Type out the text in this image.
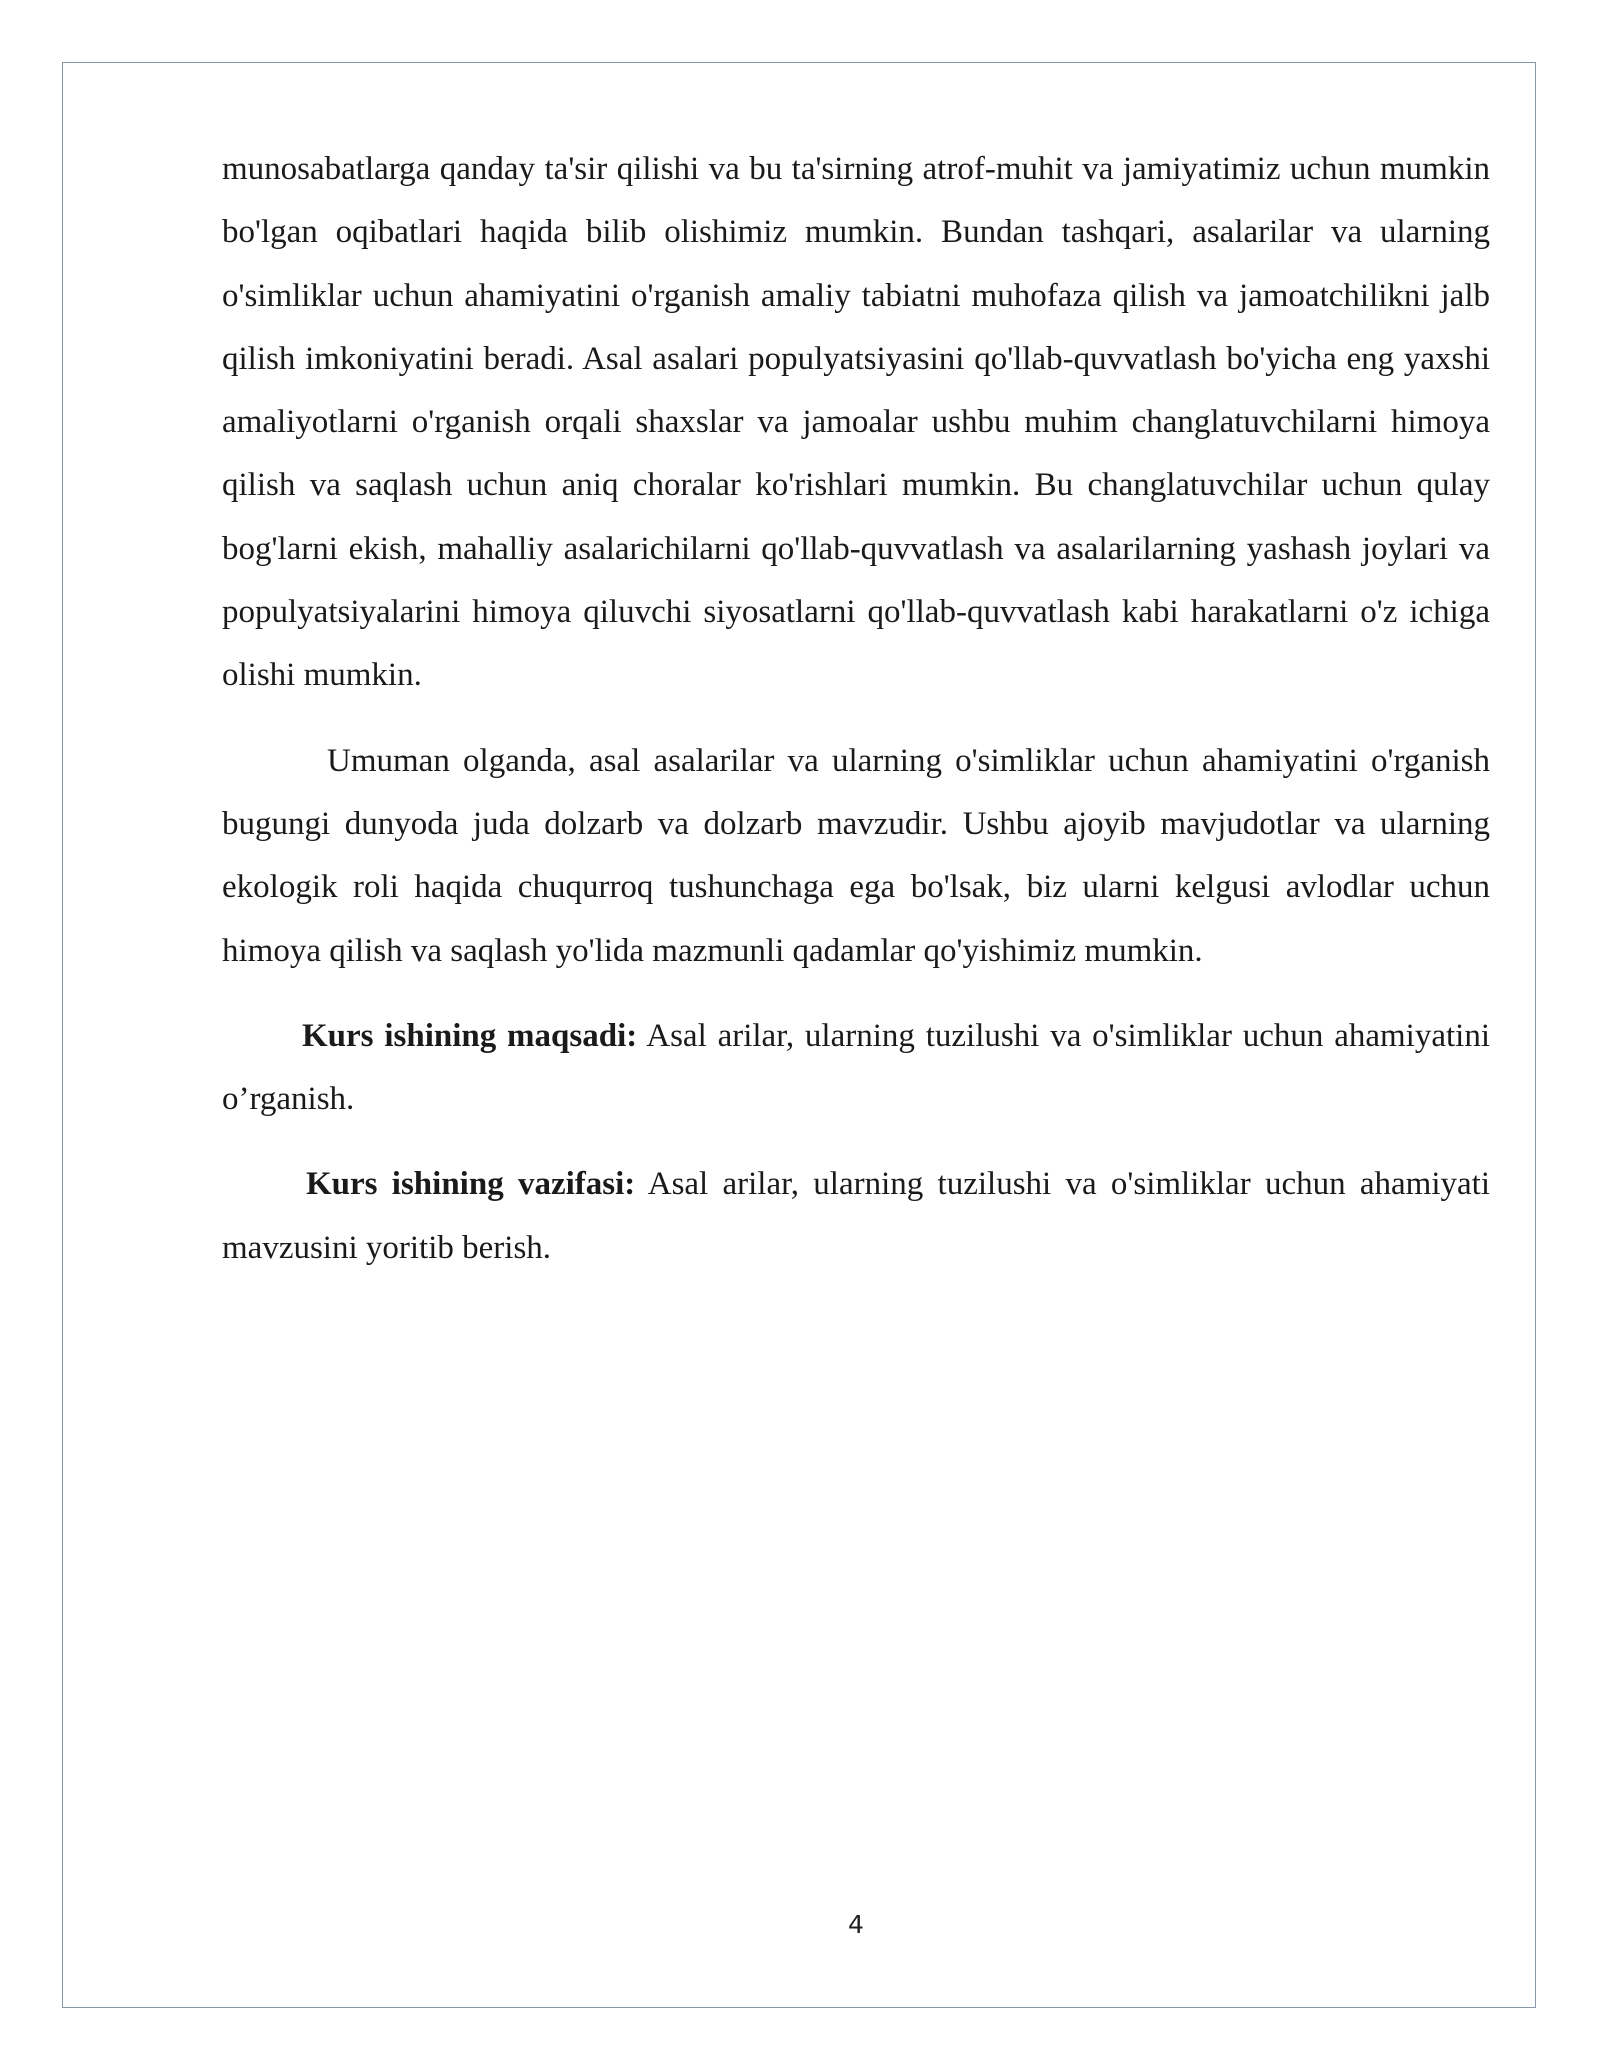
munosabatlarga qanday ta'sir qilishi va bu ta'sirning atrof-muhit va jamiyatimiz uchun mumkin bo'lgan oqibatlari haqida bilib olishimiz mumkin. Bundan tashqari, asalarilar va ularning o'simliklar uchun ahamiyatini o'rganish amaliy tabiatni muhofaza qilish va jamoatchilikni jalb qilish imkoniyatini beradi. Asal asalari populyatsiyasini qo'llab-quvvatlash bo'yicha eng yaxshi amaliyotlarni o'rganish orqali shaxslar va jamoalar ushbu muhim changlatuvchilarni himoya qilish va saqlash uchun aniq choralar ko'rishlari mumkin. Bu changlatuvchilar uchun qulay bog'larni ekish, mahalliy asalarichilarni qo'llab-quvvatlash va asalarilarning yashash joylari va populyatsiyalarini himoya qiluvchi siyosatlarni qo'llab-quvvatlash kabi harakatlarni o'z ichiga olishi mumkin.

Umuman olganda, asal asalarilar va ularning o'simliklar uchun ahamiyatini o'rganish bugungi dunyoda juda dolzarb va dolzarb mavzudir. Ushbu ajoyib mavjudotlar va ularning ekologik roli haqida chuqurroq tushunchaga ega bo'lsak, biz ularni kelgusi avlodlar uchun himoya qilish va saqlash yo'lida mazmunli qadamlar qo'yishimiz mumkin.

Kurs ishining maqsadi: Asal arilar, ularning tuzilushi va o'simliklar uchun ahamiyatini o’rganish.

Kurs ishining vazifasi: Asal arilar, ularning tuzilushi va o'simliklar uchun ahamiyati mavzusini yoritib berish.

4
